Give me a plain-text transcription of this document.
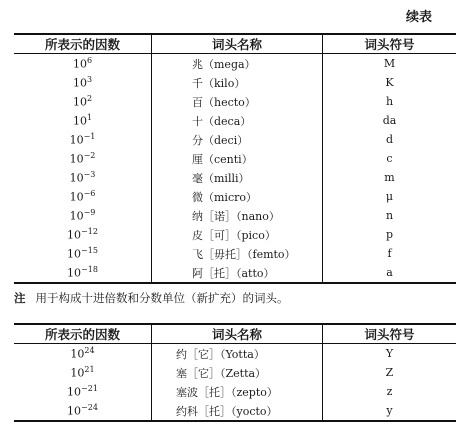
续表
所表示的因数	词头名称	词头符号
$10^6$	兆（mega）	M
$10^3$	千（kilo）	K
$10^2$	百（hecto）	h
$10^1$	十（deca）	da
$10^{-1}$	分（deci）	d
$10^{-2}$	厘（centi）	c
$10^{-3}$	毫（milli）	m
$10^{-6}$	微（micro）	μ
$10^{-9}$	纳［诺］（nano）	n
$10^{-12}$	皮［可］（pico）	p
$10^{-15}$	飞［毋托］（femto）	f
$10^{-18}$	阿［托］（atto）	a
注 用于构成十进倍数和分数单位（新扩充）的词头。
所表示的因数	词头名称	词头符号
$10^{24}$	约［它］（Yotta）	Y
$10^{21}$	塞［它］（Zetta）	Z
$10^{-21}$	塞波［托］（zepto）	z
$10^{-24}$	约科［托］（yocto）	y
